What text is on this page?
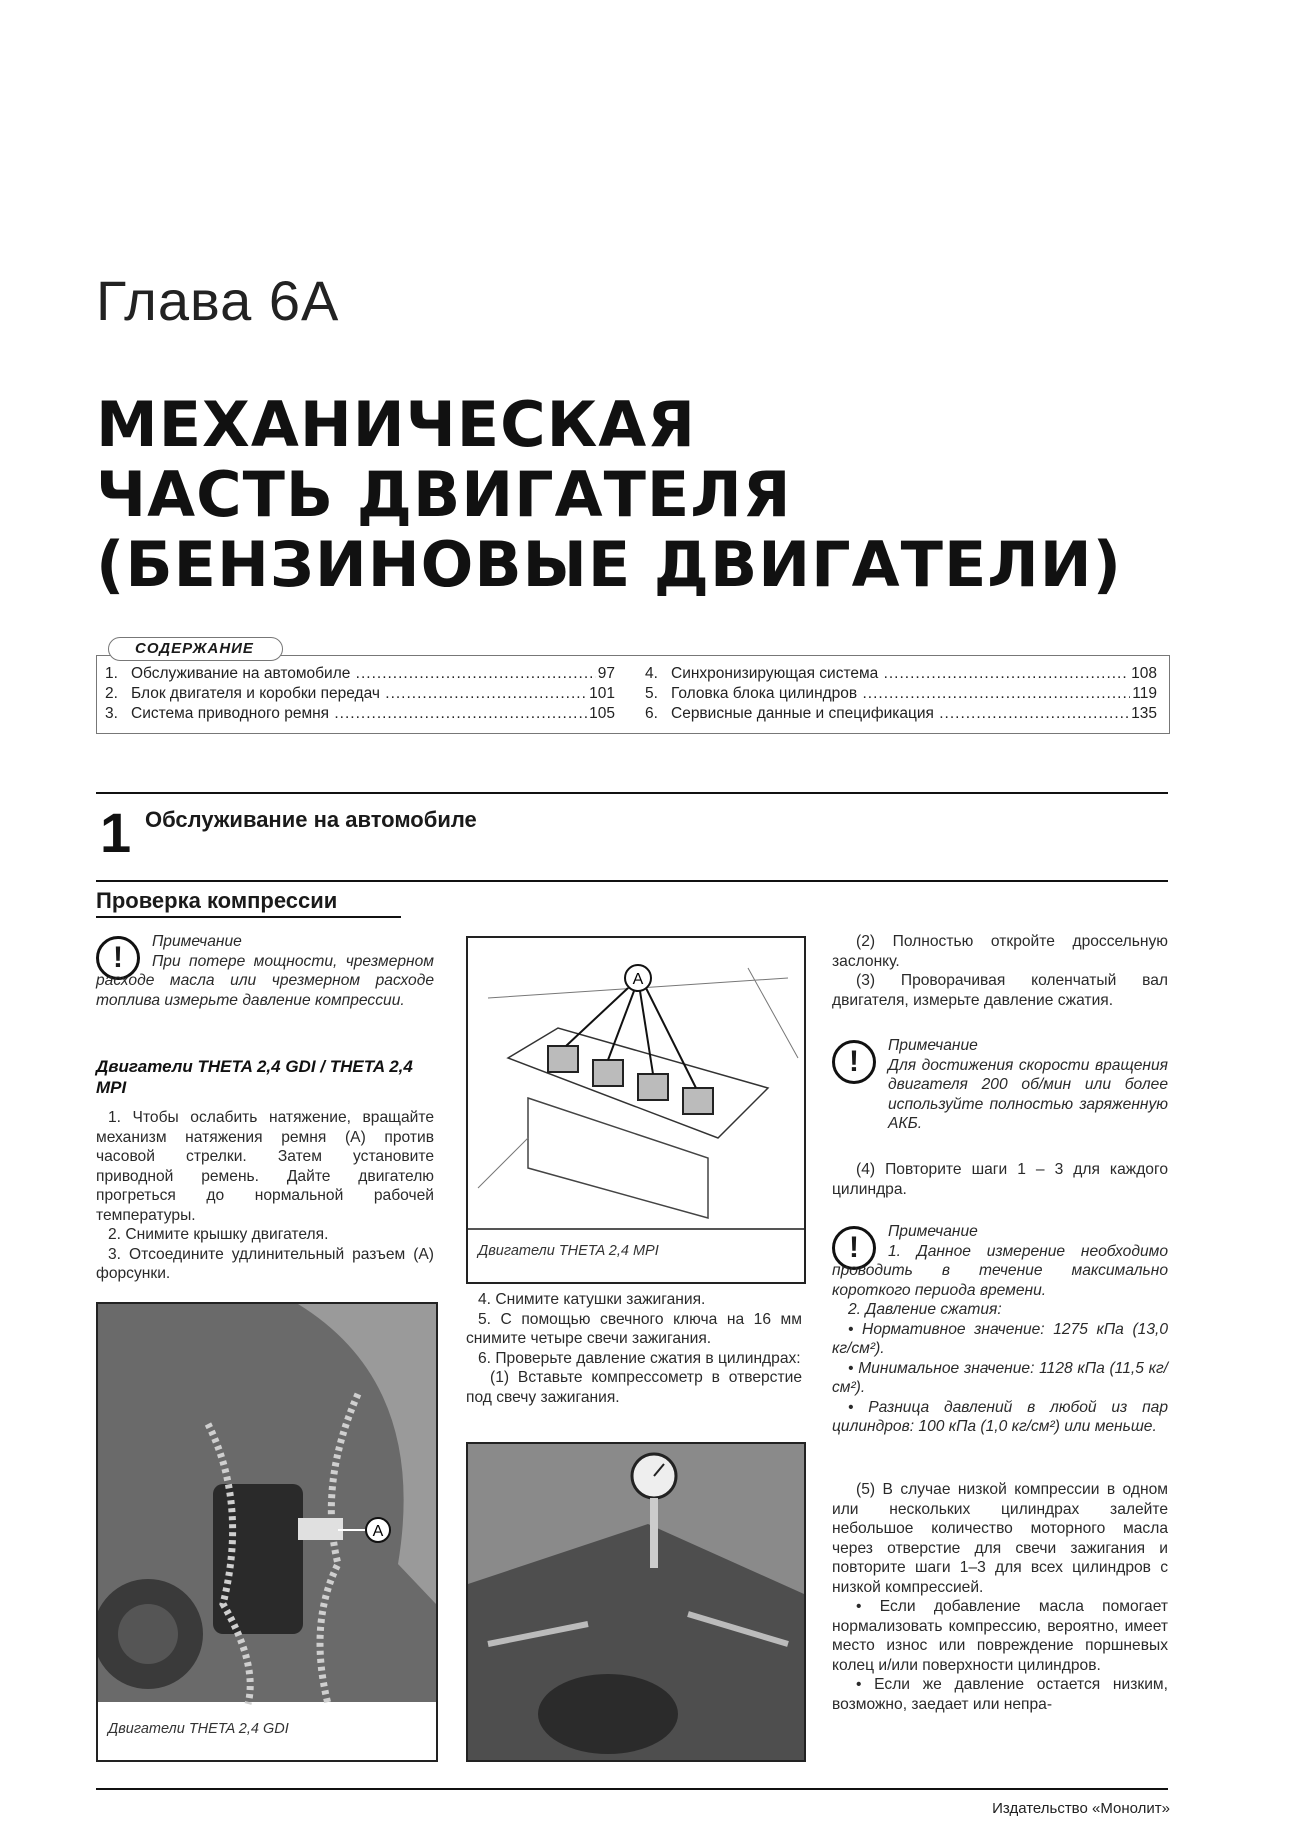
Глава 6А
МЕХАНИЧЕСКАЯ
ЧАСТЬ ДВИГАТЕЛЯ
(БЕНЗИНОВЫЕ ДВИГАТЕЛИ)
1. Обслуживание на автомобиле .....	97
2. Блок двигателя и коробки передач .....	101
3. Система приводного ремня .....	105
4. Синхронизирующая система .....	108
5. Головка блока цилиндров .....	119
6. Сервисные данные и спецификация .....	135
СОДЕРЖАНИЕ
1 Обслуживание на автомобиле
Проверка компрессии
!	Примечание

При потере мощности, чрезмерном расходе масла или чрезмерном расходе топлива измерьте давление компрессии.

Двигатели THETA 2,4 GDI / THETA 2,4 MPI

1. Чтобы ослабить натяжение, вращайте механизм натяжения ремня (А) против часовой стрелки. Затем установите приводной ремень. Дайте двигателю прогреться до нормальной рабочей температуры.

2. Снимите крышку двигателя.

3. Отсоедините удлинительный разъем (А) форсунки.

A
Двигатели THETA 2,4 GDI
A
Двигатели THETA 2,4 MPI

4. Снимите катушки зажигания.

5. С помощью свечного ключа на 16 мм снимите четыре свечи зажигания.

6. Проверьте давление сжатия в цилиндрах:

(1) Вставьте компрессометр в отверстие под свечу зажигания.

(2) Полностью откройте дроссельную заслонку.

(3) Проворачивая коленчатый вал двигателя, измерьте давление сжатия.

!	Примечание

Для достижения скорости вращения двигателя 200 об/мин или более используйте полностью заряженную АКБ.

(4) Повторите шаги 1 – 3 для каждого цилиндра.

!	Примечание

1. Данное измерение необходимо проводить в течение максимально короткого периода времени.

2. Давление сжатия:

• Нормативное значение: 1275 кПа (13,0 кг/см²).

• Минимальное значение: 1128 кПа (11,5 кг/см²).

• Разница давлений в любой из пар цилиндров: 100 кПа (1,0 кг/см²) или меньше.

(5) В случае низкой компрессии в одном или нескольких цилиндрах залейте небольшое количество моторного масла через отверстие для свечи зажигания и повторите шаги 1–3 для всех цилиндров с низкой компрессией.

• Если добавление масла помогает нормализовать компрессию, вероятно, имеет место износ или повреждение поршневых колец и/или поверхности цилиндров.

• Если же давление остается низким, возможно, заедает или непра-

Издательство «Монолит»
